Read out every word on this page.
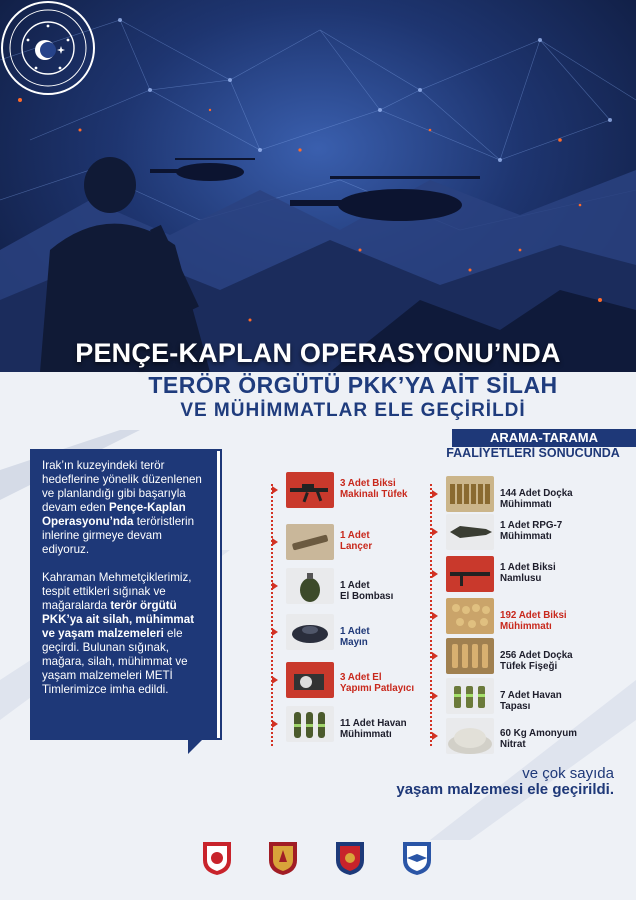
PENÇE-KAPLAN OPERASYONU’NDA
TERÖR ÖRGÜTÜ PKK’YA AİT SİLAH
VE MÜHİMMATLAR ELE GEÇİRİLDİ
ARAMA-TARAMA
FAALİYETLERİ SONUCUNDA

Irak’ın kuzeyindeki terör hedeflerine yönelik düzenlenen ve planlandığı gibi başarıyla devam eden Pençe-Kaplan Operasyonu’nda teröristlerin inlerine girmeye devam ediyoruz.

Kahraman Mehmetçiklerimiz, tespit ettikleri sığınak ve mağaralarda terör örgütü PKK’ya ait silah, mühimmat ve yaşam malzemeleri ele geçirdi. Bulunan sığınak, mağara, silah, mühimmat ve yaşam malzemeleri METİ Timlerimizce imha edildi.

3 Adet Biksi
Makinalı Tüfek
1 Adet
Lançer
1 Adet
El Bombası
1 Adet
Mayın
3 Adet El
Yapımı Patlayıcı
11 Adet Havan
Mühimmatı
144 Adet Doçka
Mühimmatı
1 Adet RPG-7
Mühimmatı
1 Adet Biksi
Namlusu
192 Adet Biksi
Mühimmatı
256 Adet Doçka
Tüfek Fişeği
7 Adet Havan
Tapası
60 Kg Amonyum
Nitrat
ve çok sayıda
yaşam malzemesi ele geçirildi.
